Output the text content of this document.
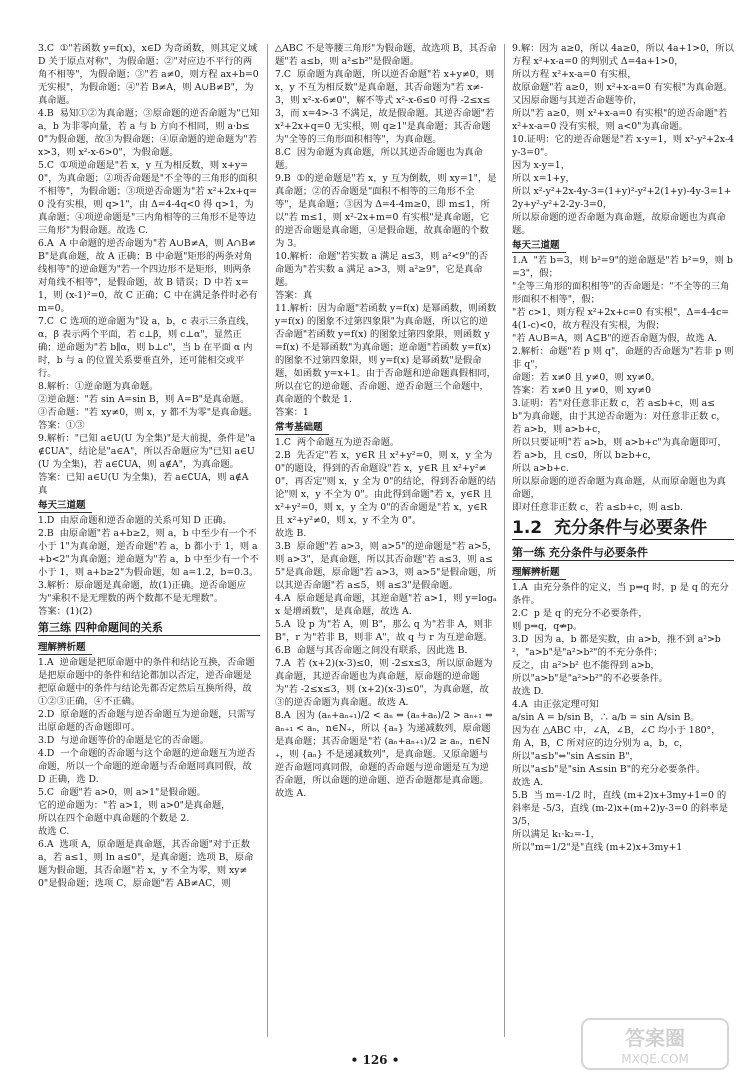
3.C  ①"若函数 y=f(x)，x∈D 为奇函数，则其定义域 D 关于原点对称"，为假命题；②"对应边不平行的两角不相等"，为假命题；③"若 a≠0，则方程 ax+b=0 无实根"，为假命题；④"若 B≠A，则 A∪B≠B"，为真命题。
4.B  易知①②为真命题；③原命题的逆否命题为"已知 a，b 为非零向量，若 a 与 b 方向不相同，则 a·b≤0"为假命题，故③为假命题；④原命题的逆命题为"若 x>3，则 x²-x-6>0"，为假命题。
5.C  ①项逆命题是"若 x，y 互为相反数，则 x+y=0"，为真命题；②项否命题是"不全等的三角形的面积不相等"，为假命题；③项逆否命题为"若 x²+2x+q=0 没有实根，则 q>1"，由 Δ=4-4q<0 得 q>1，为真命题；④项逆命题是"三内角相等的三角形不是等边三角形"为假命题。故选 C.
6.A  A 中命题的逆否命题为"若 A∪B≠A，则 A∩B≠B"是真命题，故 A 正确；B 中命题"矩形的两条对角线相等"的逆命题为"若一个四边形不是矩形，则两条对角线不相等"，是假命题，故 B 错误；D 中若 x=1，则 (x-1)²=0，故 C 正确；C 中在满足条件时必有 m=0。
7.C  C 选项的逆命题为"设 a，b，c 表示三条直线，α，β 表示两个平面，若 c⊥β，则 c⊥α"，显然正确；逆命题为"若 b∥α，则 b⊥c"，当 b 在平面 α 内时，b 与 a 的位置关系要垂直外，还可能相交或平行。
8.解析：①逆命题为真命题。
②逆命题："若 sin A=sin B，则 A=B"是真命题。
③否命题："若 xy≠0，则 x，y 都不为零"是真命题。
答案：①③
9.解析："已知 a∈U(U 为全集)"是大前提，条件是"a∉∁UA"，结论是"a∈A"，所以否命题应为"已知 a∈U(U 为全集)，若 a∈∁UA，则 a∉A"，为真命题。
答案：已知 a∈U(U 为全集)，若 a∈∁UA，则 a∉A  真
每天三道题
1.D  由原命题和逆否命题的关系可知 D 正确。
2.B  由原命题"若 a+b≥2，则 a，b 中至少有一个不小于 1"为真命题，逆否命题"若 a，b 都小于 1，则 a+b<2"为真命题；逆命题为"若 a，b 中至少有一个不小于 1，则 a+b≥2"为假命题，如 a=1.2，b=0.3。
3.解析：原命题是真命题，故(1)正确。逆否命题应为"乘积不是无理数的两个数都不是无理数"。
答案：(1)(2)
第三练 四种命题间的关系
理解辨析题
1.A  逆命题是把原命题中的条件和结论互换，否命题是把原命题中的条件和结论都加以否定，逆否命题是把原命题中的条件与结论先都否定然后互换所得，故①②③正确，④不正确。
2.D  原命题的否命题与逆否命题互为逆命题，只需写出原命题的否命题即可。
3.D  与逆命题等价的命题是它的否命题。
4.D  一个命题的否命题与这个命题的逆命题互为逆否命题，所以一个命题的逆命题与否命题同真同假，故 D 正确，选 D.
5.C  命题"若 a>0，则 a>1"是假命题。
它的逆命题为："若 a>1，则 a>0"是真命题，
所以在四个命题中真命题的个数是 2.
故选 C.
6.A  选项 A，原命题是真命题，其否命题"对于正数 a，若 a≤1，则 ln a≤0"，是真命题；选项 B，原命题为假命题，其否命题"若 x，y 不全为零，则 xy≠0"是假命题；选项 C，原命题"若 AB≠AC，则
△ABC 不是等腰三角形"为假命题，故选项 B，其否命题"若 a≤b，则 a²≤b²"是假命题。
7.C  原命题为真命题，所以逆否命题"若 x+y≠0，则 x，y 不互为相反数"是真命题，其否命题为"若 x≠-3，则 x²-x-6≠0"，解不等式 x²-x-6≤0 可得 -2≤x≤3，而 x=4>-3 不满足，故是假命题。其逆否命题"若 x²+2x+q=0 无实根，则 q≥1"是真命题；其否命题为"全等的三角形面积相等"，为真命题。
8.C  因为命题为真命题，所以其逆否命题也为真命题。
9.B  ①的逆命题是"若 x，y 互为倒数，则 xy=1"，是真命题；②的否命题是"面积不相等的三角形不全等"，是真命题；③因为 Δ=4-4m≥0，即 m≤1，所以"若 m≤1，则 x²-2x+m=0 有实根"是真命题，它的逆否命题是真命题，④是假命题，故真命题的个数为 3。
10.解析：命题"若实数 a 满足 a≤3，则 a²<9"的否命题为"若实数 a 满足 a>3，则 a²≥9"，它是真命题。
答案：真
11.解析：因为命题"若函数 y=f(x) 是幂函数，则函数 y=f(x) 的图象不过第四象限"为真命题，所以它的逆否命题"若函数 y=f(x) 的图象过第四象限，则函数 y=f(x) 不是幂函数"为真命题；逆命题"若函数 y=f(x) 的图象不过第四象限，则 y=f(x) 是幂函数"是假命题，如函数 y=x+1。由于否命题和逆命题真假相同，所以在它的逆命题、否命题、逆否命题三个命题中，真命题的个数是 1.
答案：1
常考基础题
1.C  两个命题互为逆否命题。
2.B  先否定"若 x，y∈R 且 x²+y²=0，则 x，y 全为 0"的题设，得到的否命题设"若 x，y∈R 且 x²+y²≠0"，再否定"则 x，y 全为 0"的结论，得到否命题的结论"则 x，y 不全为 0"。由此得到命题"若 x，y∈R 且 x²+y²=0，则 x，y 全为 0"的否命题是"若 x，y∈R 且 x²+y²≠0，则 x，y 不全为 0"。
故选 B.
3.B  原命题"若 a>3，则 a>5"的逆命题是"若 a>5，则 a>3"，是真命题，所以其否命题"若 a≤3，则 a≤5"是真命题，原命题"若 a>3，则 a>5"是假命题，所以其逆否命题"若 a≤5，则 a≤3"是假命题。
4.A  原命题是真命题，其逆命题"若 a>1，则 y=logₐx 是增函数"，是真命题，故选 A.
5.A  设 p 为"若 A，则 B"，那么 q 为"若非 A，则非 B"，r 为"若非 B，则非 A"，故 q 与 r 为互逆命题。
6.B  命题与其否命题之间没有联系，因此选 B.
7.A  若 (x+2)(x-3)≤0，则 -2≤x≤3，所以原命题为真命题，其逆否命题也为真命题，原命题的逆命题为"若 -2≤x≤3，则 (x+2)(x-3)≤0"，为真命题，故③的逆否命题为真命题。故选 A.
8.A  因为 (aₙ+aₙ₊₁)/2 < aₙ ⇔ (aₙ+aₙ)/2 > aₙ₊₁ ⇔ aₙ₊₁ < aₙ，n∈N₊，所以 {aₙ} 为递减数列，原命题是真命题；其否命题是"若 (aₙ+aₙ₊₁)/2 ≥ aₙ，n∈N₊，则 {aₙ} 不是递减数列"，是真命题。又原命题与逆否命题同真同假，命题的否命题与逆命题是互为逆否命题，所以命题的逆命题、逆否命题都是真命题。故选 A.
9.解：因为 a≥0，所以 4a≥0，所以 4a+1>0，所以方程 x²+x-a=0 的判别式 Δ=4a+1>0，
所以方程 x²+x-a=0 有实根，
故原命题"若 a≥0，则 x²+x-a=0 有实根"为真命题。
又因原命题与其逆否命题等价，
所以"若 a≥0，则 x²+x-a=0 有实根"的逆否命题"若 x²+x-a=0 没有实根，则 a<0"为真命题。
10.证明：它的逆否命题是"若 x-y=1，则 x²-y²+2x-4y-3=0"。
因为 x-y=1，
所以 x=1+y，
所以 x²-y²+2x-4y-3=(1+y)²-y²+2(1+y)-4y-3=1+2y+y²-y²+2-2y-3=0，
所以原命题的逆否命题为真命题，故原命题也为真命题。
每天三道题
1.A  "若 b=3，则 b²=9"的逆命题是"若 b²=9，则 b=3"，假；
"全等三角形的面积相等"的否命题是："不全等的三角形面积不相等"，假；
"若 c>1，则方程 x²+2x+c=0 有实根"，Δ=4-4c=4(1-c)<0，故方程没有实根，为假；
"若 A∪B=A，则 A⊆B"的逆否命题为假，故选 A.
2.解析：命题"若 p 则 q"，命题的否命题为"若非 p 则非 q"，
命题：若 x≠0 且 y≠0，则 xy≠0。
答案：若 x≠0 且 y≠0，则 xy≠0
3.证明：若"对任意非正数 c，若 a≤b+c，则 a≤b"为真命题，由于其逆否命题为：对任意非正数 c，若 a>b，则 a>b+c，
所以只要证明"若 a>b，则 a>b+c"为真命题即可，
若 a>b，且 c≤0，所以 b≥b+c，
所以 a>b+c.
所以原命题的逆否命题为真命题，从而原命题也为真命题，
即对任意非正数 c，若 a≤b+c，则 a≤b.
1.2 充分条件与必要条件
第一练 充分条件与必要条件
理解辨析题
1.A  由充分条件的定义，当 p⇒q 时，p 是 q 的充分条件。
2.C  p 是 q 的充分不必要条件，
则 p⇒q，q⇏p。
3.D  因为 a，b 都是实数，由 a>b，推不到 a²>b²，"a>b"是"a²>b²"的不充分条件；
反之，由 a²>b² 也不能得到 a>b，
所以"a>b"是"a²>b²"的不必要条件。
故选 D.
4.A  由正弦定理可知
a/sin A = b/sin B，∴ a/b = sin A/sin B。
因为在 △ABC 中，∠A，∠B，∠C 均小于 180°，
角 A，B，C 所对应的边分别为 a，b，c，
所以"a≤b"⇔"sin A≤sin B"，
所以"a≤b"是"sin A≤sin B"的充分必要条件。
故选 A.
5.B  当 m=-1/2 时，直线 (m+2)x+3my+1=0 的斜率是 -5/3，直线 (m-2)x+(m+2)y-3=0 的斜率是 3/5，
所以满足 k₁·k₂=-1，
所以"m=1/2"是"直线 (m+2)x+3my+1
• 126 •
答案圈
MXQE.COM
